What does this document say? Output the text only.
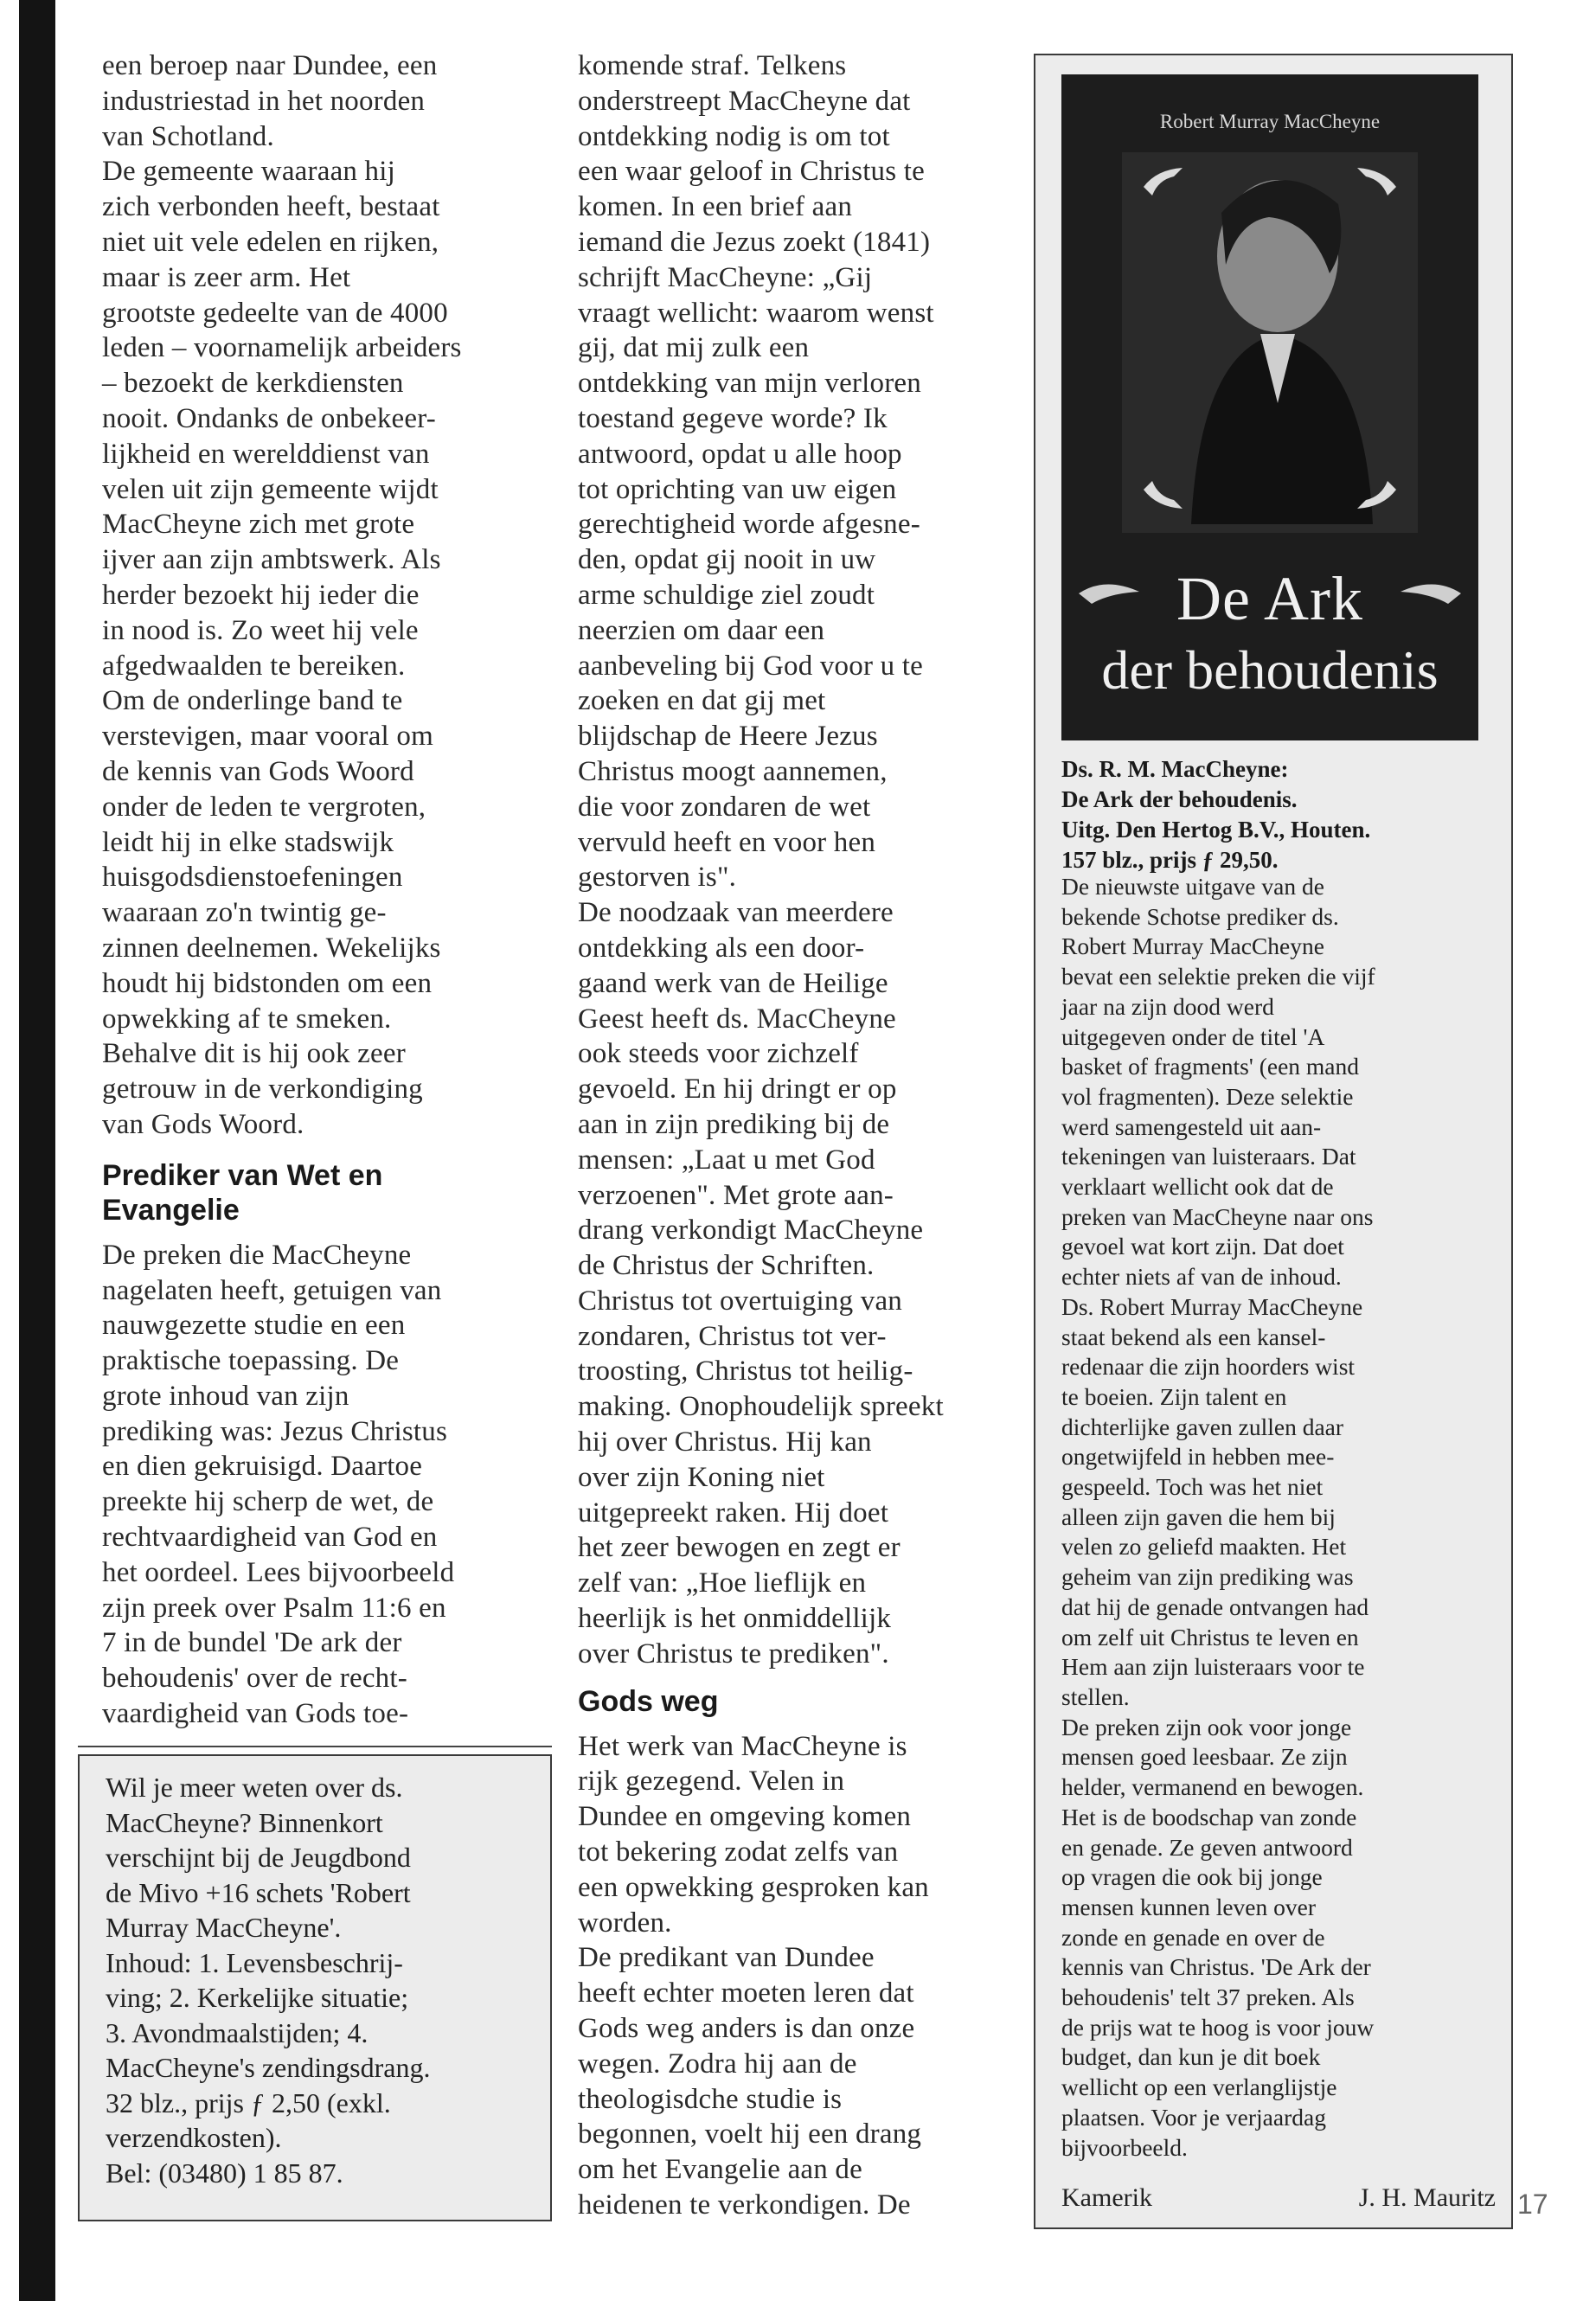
een beroep naar Dundee, een

industriestad in het noorden

van Schotland.

De gemeente waaraan hij

zich verbonden heeft, bestaat

niet uit vele edelen en rijken,

maar is zeer arm. Het

grootste gedeelte van de 4000

leden – voornamelijk arbeiders

– bezoekt de kerkdiensten

nooit. Ondanks de onbekeer-

lijkheid en werelddienst van

velen uit zijn gemeente wijdt

MacCheyne zich met grote

ijver aan zijn ambtswerk. Als

herder bezoekt hij ieder die

in nood is. Zo weet hij vele

afgedwaalden te bereiken.

Om de onderlinge band te

verstevigen, maar vooral om

de kennis van Gods Woord

onder de leden te vergroten,

leidt hij in elke stadswijk

huisgodsdienstoefeningen

waaraan zo'n twintig ge-

zinnen deelnemen. Wekelijks

houdt hij bidstonden om een

opwekking af te smeken.

Behalve dit is hij ook zeer

getrouw in de verkondiging

van Gods Woord.

Prediker van Wet en
Evangelie

De preken die MacCheyne

nagelaten heeft, getuigen van

nauwgezette studie en een

praktische toepassing. De

grote inhoud van zijn

prediking was: Jezus Christus

en dien gekruisigd. Daartoe

preekte hij scherp de wet, de

rechtvaardigheid van God en

het oordeel. Lees bijvoorbeeld

zijn preek over Psalm 11:6 en

7 in de bundel 'De ark der

behoudenis' over de recht-

vaardigheid van Gods toe-

Wil je meer weten over ds.

MacCheyne? Binnenkort

verschijnt bij de Jeugdbond

de Mivo +16 schets 'Robert

Murray MacCheyne'.

Inhoud: 1. Levensbeschrij-

ving; 2. Kerkelijke situatie;

3. Avondmaalstijden; 4.

MacCheyne's zendingsdrang.

32 blz., prijs ƒ 2,50 (exkl.

verzendkosten).

Bel: (03480) 1 85 87.

komende straf. Telkens

onderstreept MacCheyne dat

ontdekking nodig is om tot

een waar geloof in Christus te

komen. In een brief aan

iemand die Jezus zoekt (1841)

schrijft MacCheyne: „Gij

vraagt wellicht: waarom wenst

gij, dat mij zulk een

ontdekking van mijn verloren

toestand gegeve worde? Ik

antwoord, opdat u alle hoop

tot oprichting van uw eigen

gerechtigheid worde afgesne-

den, opdat gij nooit in uw

arme schuldige ziel zoudt

neerzien om daar een

aanbeveling bij God voor u te

zoeken en dat gij met

blijdschap de Heere Jezus

Christus moogt aannemen,

die voor zondaren de wet

vervuld heeft en voor hen

gestorven is".

De noodzaak van meerdere

ontdekking als een door-

gaand werk van de Heilige

Geest heeft ds. MacCheyne

ook steeds voor zichzelf

gevoeld. En hij dringt er op

aan in zijn prediking bij de

mensen: „Laat u met God

verzoenen". Met grote aan-

drang verkondigt MacCheyne

de Christus der Schriften.

Christus tot overtuiging van

zondaren, Christus tot ver-

troosting, Christus tot heilig-

making. Onophoudelijk spreekt

hij over Christus. Hij kan

over zijn Koning niet

uitgepreekt raken. Hij doet

het zeer bewogen en zegt er

zelf van: „Hoe lieflijk en

heerlijk is het onmiddellijk

over Christus te prediken".

Gods weg

Het werk van MacCheyne is

rijk gezegend. Velen in

Dundee en omgeving komen

tot bekering zodat zelfs van

een opwekking gesproken kan

worden.

De predikant van Dundee

heeft echter moeten leren dat

Gods weg anders is dan onze

wegen. Zodra hij aan de

theologisdche studie is

begonnen, voelt hij een drang

om het Evangelie aan de

heidenen te verkondigen. De

Robert Murray MacCheyne
De Ark
der behoudenis

Ds. R. M. MacCheyne:

De Ark der behoudenis.

Uitg. Den Hertog B.V., Houten.

157 blz., prijs ƒ 29,50.

De nieuwste uitgave van de

bekende Schotse prediker ds.

Robert Murray MacCheyne

bevat een selektie preken die vijf

jaar na zijn dood werd

uitgegeven onder de titel 'A

basket of fragments' (een mand

vol fragmenten). Deze selektie

werd samengesteld uit aan-

tekeningen van luisteraars. Dat

verklaart wellicht ook dat de

preken van MacCheyne naar ons

gevoel wat kort zijn. Dat doet

echter niets af van de inhoud.

Ds. Robert Murray MacCheyne

staat bekend als een kansel-

redenaar die zijn hoorders wist

te boeien. Zijn talent en

dichterlijke gaven zullen daar

ongetwijfeld in hebben mee-

gespeeld. Toch was het niet

alleen zijn gaven die hem bij

velen zo geliefd maakten. Het

geheim van zijn prediking was

dat hij de genade ontvangen had

om zelf uit Christus te leven en

Hem aan zijn luisteraars voor te

stellen.

De preken zijn ook voor jonge

mensen goed leesbaar. Ze zijn

helder, vermanend en bewogen.

Het is de boodschap van zonde

en genade. Ze geven antwoord

op vragen die ook bij jonge

mensen kunnen leven over

zonde en genade en over de

kennis van Christus. 'De Ark der

behoudenis' telt 37 preken. Als

de prijs wat te hoog is voor jouw

budget, dan kun je dit boek

wellicht op een verlanglijstje

plaatsen. Voor je verjaardag

bijvoorbeeld.

Kamerik	J. H. Mauritz 17
